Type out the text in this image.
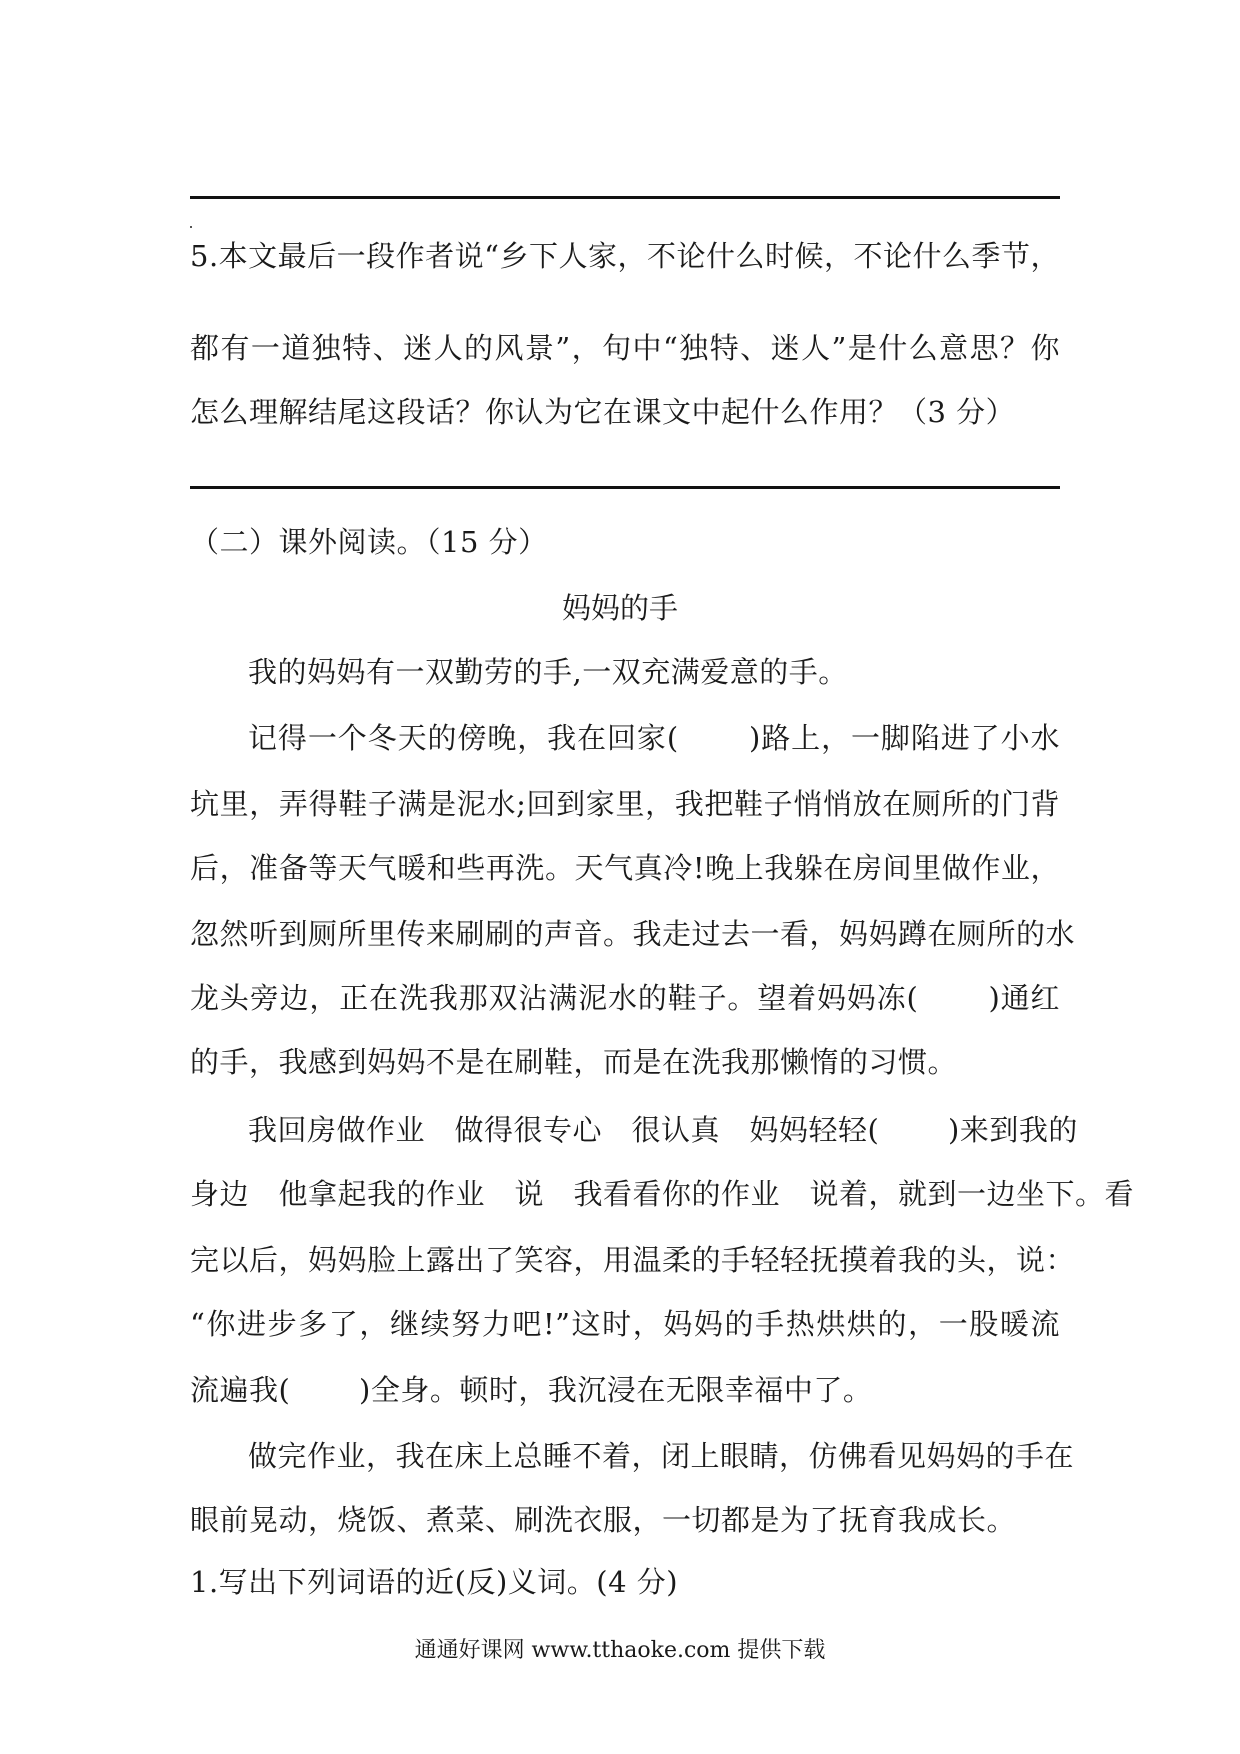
5.本文最后一段作者说“乡下人家，不论什么时候，不论什么季节，
都有一道独特、迷人的风景”，句中“独特、迷人”是什么意思？你
怎么理解结尾这段话？你认为它在课文中起什么作用？（3 分）
（二）课外阅读。（15 分）
妈妈的手
我的妈妈有一双勤劳的手,一双充满爱意的手。
记得一个冬天的傍晚，我在回家(　　 )路上，一脚陷进了小水
坑里，弄得鞋子满是泥水;回到家里，我把鞋子悄悄放在厕所的门背
后，准备等天气暖和些再洗。天气真冷!晚上我躲在房间里做作业，
忽然听到厕所里传来刷刷的声音。我走过去一看，妈妈蹲在厕所的水
龙头旁边，正在洗我那双沾满泥水的鞋子。望着妈妈冻(　　 )通红
的手，我感到妈妈不是在刷鞋，而是在洗我那懒惰的习惯。
我回房做作业　做得很专心　很认真　妈妈轻轻(　　 )来到我的
身边　他拿起我的作业　说　我看看你的作业　说着，就到一边坐下。看
完以后，妈妈脸上露出了笑容，用温柔的手轻轻抚摸着我的头，说：
“你进步多了，继续努力吧!”这时，妈妈的手热烘烘的，一股暖流
流遍我(　　 )全身。顿时，我沉浸在无限幸福中了。
做完作业，我在床上总睡不着，闭上眼睛，仿佛看见妈妈的手在
眼前晃动，烧饭、煮菜、刷洗衣服，一切都是为了抚育我成长。
1.写出下列词语的近(反)义词。(4 分)
通通好课网 www.tthaoke.com 提供下载
